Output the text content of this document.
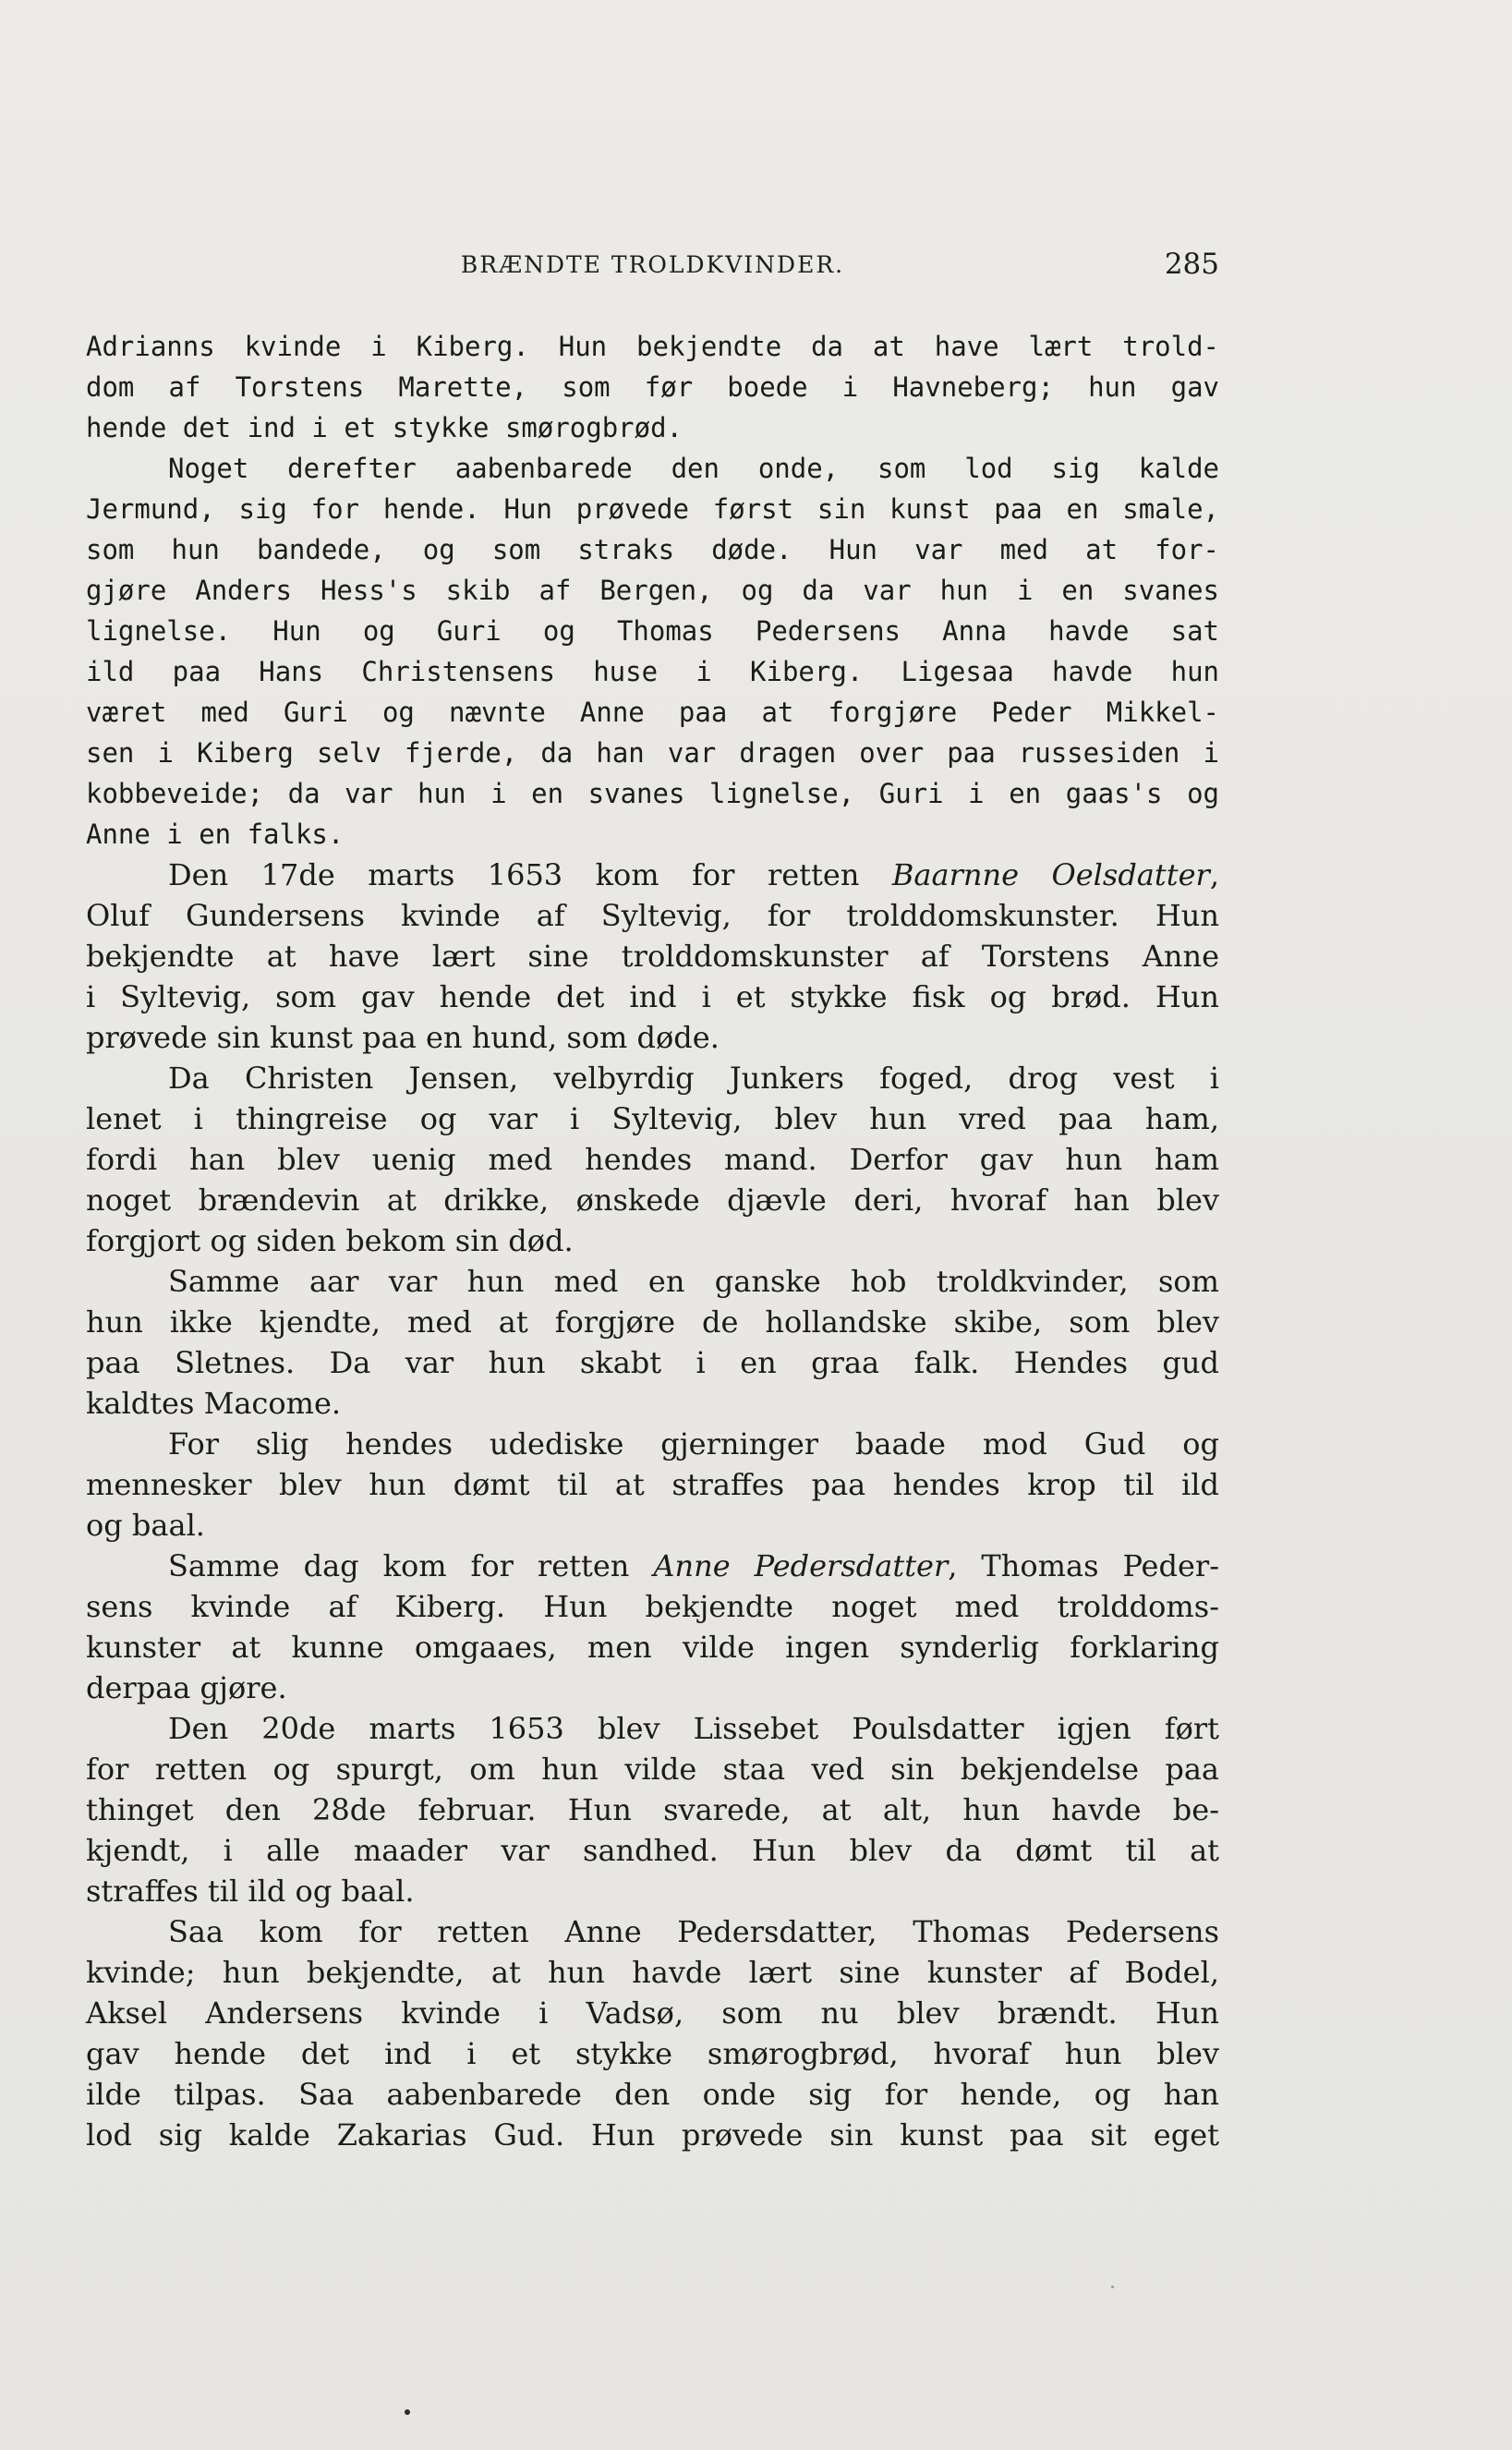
BRÆNDTE TROLDKVINDER.	285
Adrianns kvinde i Kiberg. Hun bekjendte da at have lært trold-
dom af Torstens Marette, som før boede i Havneberg; hun gav
hende det ind i et stykke smørogbrød.
Noget derefter aabenbarede den onde, som lod sig kalde
Jermund, sig for hende. Hun prøvede først sin kunst paa en smale,
som hun bandede, og som straks døde. Hun var med at for-
gjøre Anders Hess's skib af Bergen, og da var hun i en svanes
lignelse. Hun og Guri og Thomas Pedersens Anna havde sat
ild paa Hans Christensens huse i Kiberg. Ligesaa havde hun
været med Guri og nævnte Anne paa at forgjøre Peder Mikkel-
sen i Kiberg selv fjerde, da han var dragen over paa russesiden i
kobbeveide; da var hun i en svanes lignelse, Guri i en gaas's og
Anne i en falks.
Den 17de marts 1653 kom for retten Baarnne Oelsdatter,
Oluf Gundersens kvinde af Syltevig, for trolddomskunster. Hun
bekjendte at have lært sine trolddomskunster af Torstens Anne
i Syltevig, som gav hende det ind i et stykke fisk og brød. Hun
prøvede sin kunst paa en hund, som døde.
Da Christen Jensen, velbyrdig Junkers foged, drog vest i
lenet i thingreise og var i Syltevig, blev hun vred paa ham,
fordi han blev uenig med hendes mand. Derfor gav hun ham
noget brændevin at drikke, ønskede djævle deri, hvoraf han blev
forgjort og siden bekom sin død.
Samme aar var hun med en ganske hob troldkvinder, som
hun ikke kjendte, med at forgjøre de hollandske skibe, som blev
paa Sletnes. Da var hun skabt i en graa falk. Hendes gud
kaldtes Macome.
For slig hendes udediske gjerninger baade mod Gud og
mennesker blev hun dømt til at straffes paa hendes krop til ild
og baal.
Samme dag kom for retten Anne Pedersdatter, Thomas Peder-
sens kvinde af Kiberg. Hun bekjendte noget med trolddoms-
kunster at kunne omgaaes, men vilde ingen synderlig forklaring
derpaa gjøre.
Den 20de marts 1653 blev Lissebet Poulsdatter igjen ført
for retten og spurgt, om hun vilde staa ved sin bekjendelse paa
thinget den 28de februar. Hun svarede, at alt, hun havde be-
kjendt, i alle maader var sandhed. Hun blev da dømt til at
straffes til ild og baal.
Saa kom for retten Anne Pedersdatter, Thomas Pedersens
kvinde; hun bekjendte, at hun havde lært sine kunster af Bodel,
Aksel Andersens kvinde i Vadsø, som nu blev brændt. Hun
gav hende det ind i et stykke smørogbrød, hvoraf hun blev
ilde tilpas. Saa aabenbarede den onde sig for hende, og han
lod sig kalde Zakarias Gud. Hun prøvede sin kunst paa sit eget
